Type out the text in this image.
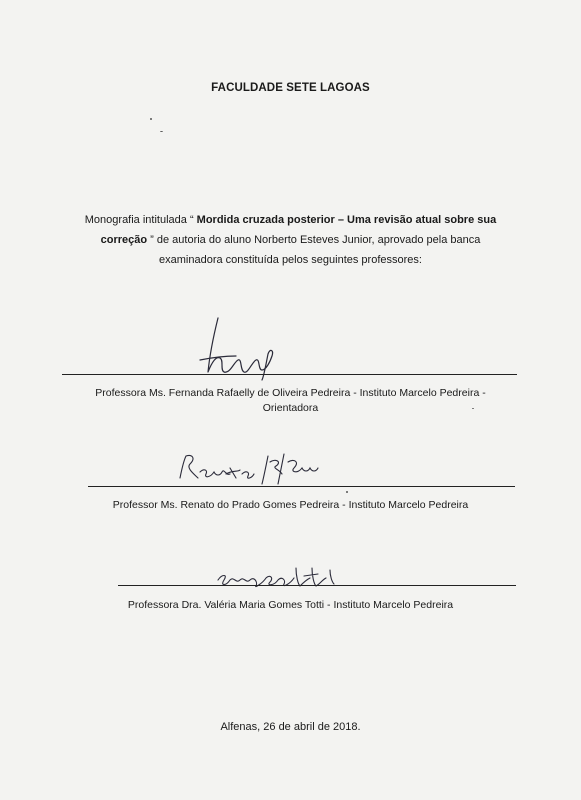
FACULDADE SETE LAGOAS
Monografia intitulada “ Mordida cruzada posterior – Uma revisão atual sobre sua correção ” de autoria do aluno Norberto Esteves Junior, aprovado pela banca examinadora constituída pelos seguintes professores:
Professora Ms. Fernanda Rafaelly de Oliveira Pedreira - Instituto Marcelo Pedreira - Orientadora
Professor Ms. Renato do Prado Gomes Pedreira - Instituto Marcelo Pedreira
Professora Dra. Valéria Maria Gomes Totti - Instituto Marcelo Pedreira
Alfenas, 26 de abril de 2018.
